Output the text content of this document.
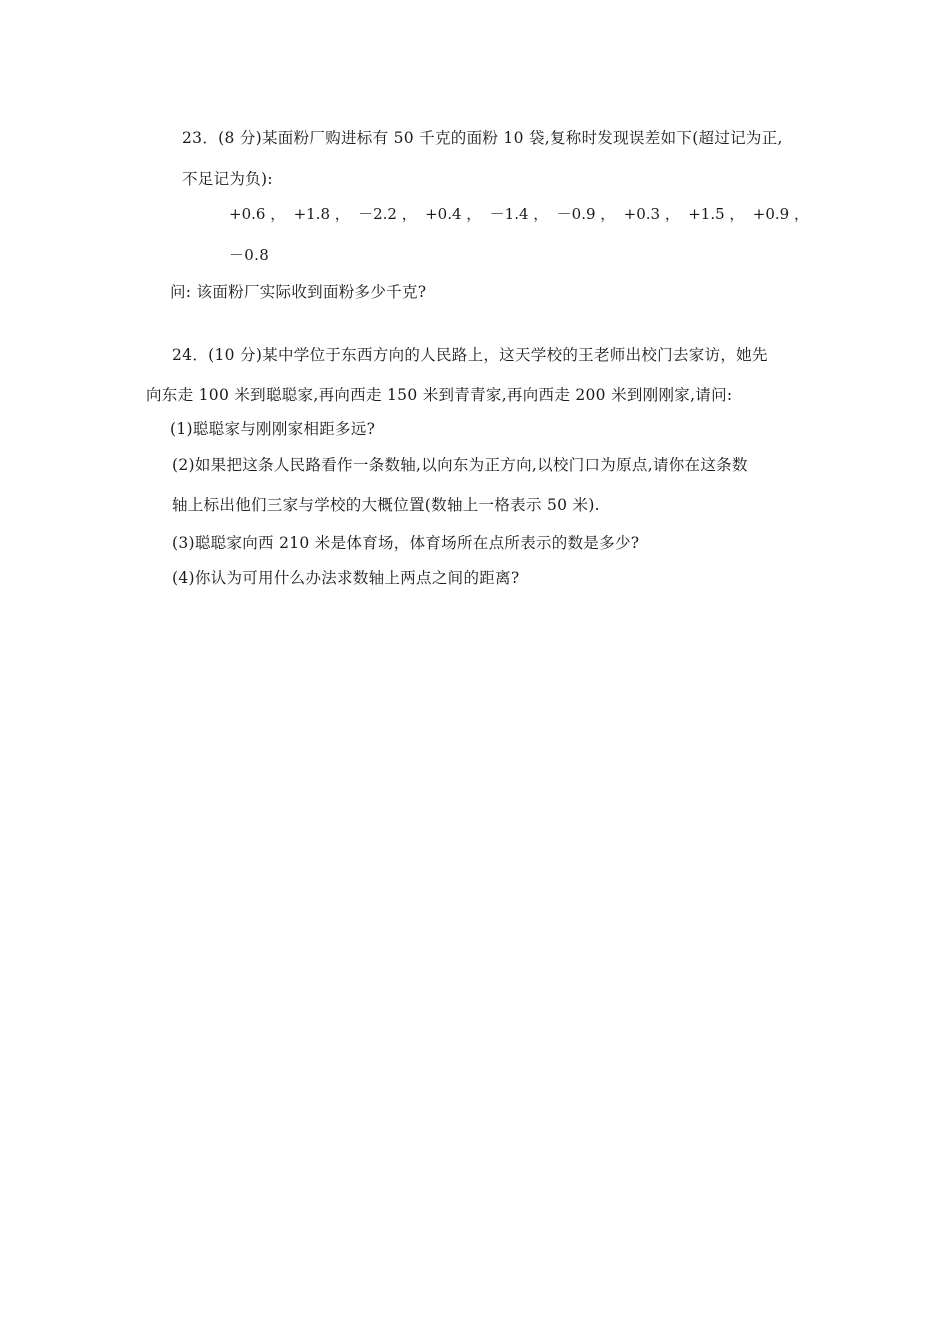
23．(8 分)某面粉厂购进标有 50 千克的面粉 10 袋,复称时发现误差如下(超过记为正,
不足记为负):
+0.6 ， +1.8 ， －2.2 ， +0.4 ， －1.4 ， －0.9 ， +0.3 ， +1.5 ， +0.9 ，
－0.8
问: 该面粉厂实际收到面粉多少千克?
24．(10 分)某中学位于东西方向的人民路上，这天学校的王老师出校门去家访，她先
向东走 100 米到聪聪家,再向西走 150 米到青青家,再向西走 200 米到刚刚家,请问:
(1)聪聪家与刚刚家相距多远?
(2)如果把这条人民路看作一条数轴,以向东为正方向,以校门口为原点,请你在这条数
轴上标出他们三家与学校的大概位置(数轴上一格表示 50 米).
(3)聪聪家向西 210 米是体育场，体育场所在点所表示的数是多少?
(4)你认为可用什么办法求数轴上两点之间的距离?
